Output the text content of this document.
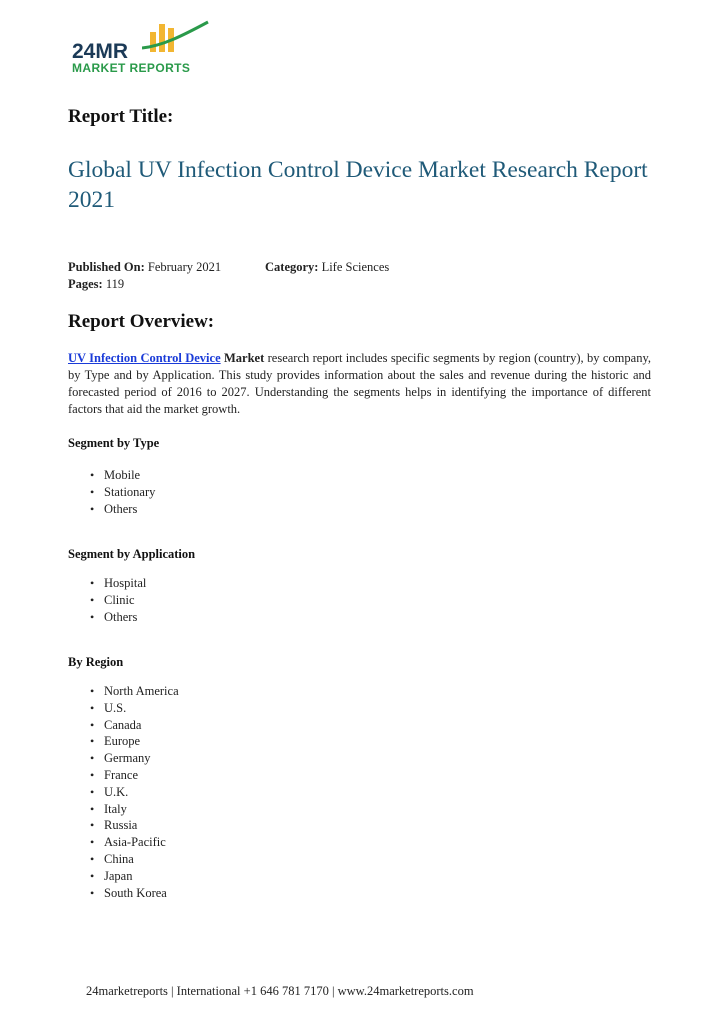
24MR
MARKET REPORTS
Report Title:
Global UV Infection Control Device Market Research Report 2021
Published On: February 2021	Category: Life Sciences
Pages: 119
Report Overview:
UV Infection Control Device Market research report includes specific segments by region (country), by company, by Type and by Application. This study provides information about the sales and revenue during the historic and forecasted period of 2016 to 2027. Understanding the segments helps in identifying the importance of different factors that aid the market growth.
Segment by Type
• Mobile
• Stationary
• Others
Segment by Application
• Hospital
• Clinic
• Others
By Region
• North America
• U.S.
• Canada
• Europe
• Germany
• France
• U.K.
• Italy
• Russia
• Asia-Pacific
• China
• Japan
• South Korea
24marketreports | International +1 646 781 7170 | www.24marketreports.com
